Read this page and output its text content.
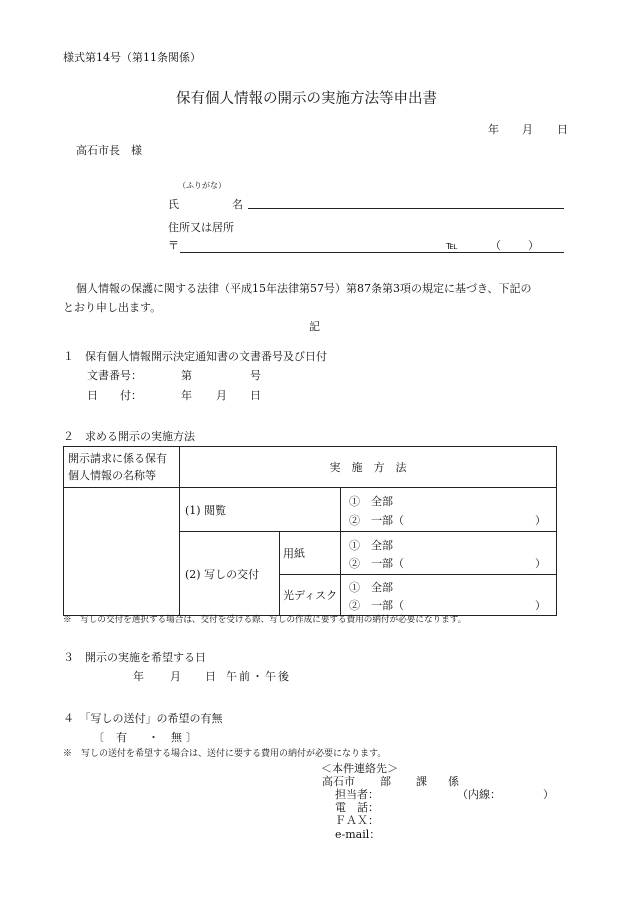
様式第14号（第11条関係）
保有個人情報の開示の実施方法等申出書
年 月 日
高石市長　様
（ふりがな）
氏	名
住所又は居所
〒	℡	（ ）
個人情報の保護に関する法律（平成15年法律第57号）第87条第3項の規定に基づき、下記の
とおり申し出ます。
記
１　保有個人情報開示決定通知書の文書番号及び日付
文書番号：	第	号
日　　付：	年 月 日
２　求める開示の実施方法
開示請求に係る保有
個人情報の名称等	実　施　方　法		
	(1) 閲覧		①　全部
②　一部（ ）

	(2) 写しの交付	用紙	①　全部
②　一部（ ）

		光ディスク	①　全部
②　一部（ ）
※　写しの交付を選択する場合は、交付を受ける際、写しの作成に要する費用の納付が必要になります。
３　開示の実施を希望する日
年 月 日 午前・午後
４　「写しの送付」の希望の有無
〔 有 ・ 無 〕
※　写しの送付を希望する場合は、送付に要する費用の納付が必要になります。
＜本件連絡先＞
高石市 部 課 係
担当者：	（内線：	）
電　話：
ＦＡＸ：
e-mail：
